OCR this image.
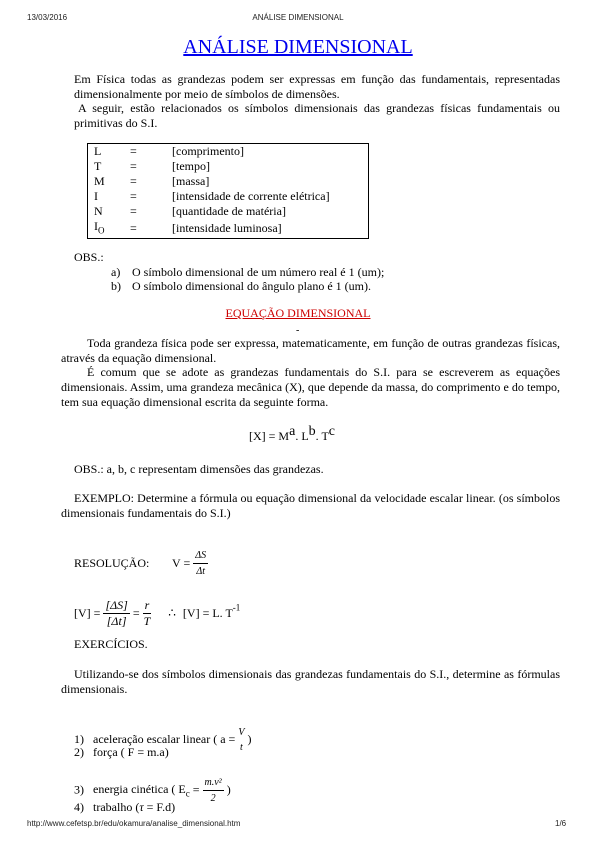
13/03/2016	ANÁLISE DIMENSIONAL
ANÁLISE DIMENSIONAL
Em Física todas as grandezas podem ser expressas em função das fundamentais, representadas dimensionalmente por meio de símbolos de dimensões.
A seguir, estão relacionados os símbolos dimensionais das grandezas físicas fundamentais ou primitivas do S.I.
L	=	[comprimento]
T	=	[tempo]
M	=	[massa]
I	=	[intensidade de corrente elétrica]
N	=	[quantidade de matéria]
$I_O$	=	[intensidade luminosa]
OBS.:
a) O símbolo dimensional de um número real é 1 (um);
b) O símbolo dimensional do ângulo plano é 1 (um).
EQUAÇÃO DIMENSIONAL
-
Toda grandeza física pode ser expressa, matematicamente, em função de outras grandezas físicas, através da equação dimensional.
É comum que se adote as grandezas fundamentais do S.I. para se escreverem as equações dimensionais. Assim, uma grandeza mecânica (X), que depende da massa, do comprimento e do tempo, tem sua equação dimensional escrita da seguinte forma.
$[X] = M^a$. $L^b$. $T^c$
OBS.: a, b, c representam dimensões das grandezas.
EXEMPLO: Determine a fórmula ou equação dimensional da velocidade escalar linear. (os símbolos dimensionais fundamentais do S.I.)
RESOLUÇÃO: $V = \frac{\Delta S}{\Delta t}$
$[V] = \frac{[\Delta S]}{[\Delta t]} = \frac{r}{T}$ ∴ [V] = L. $T^{-1}$
EXERCÍCIOS.
Utilizando-se dos símbolos dimensionais das grandezas fundamentais do S.I., determine as fórmulas dimensionais.
1) aceleração escalar linear ( a = V
t
)
2) força ( F = m.a)
3) energia cinética ( $E_c = \frac{\text{m.v²}}{2}$ )
4) trabalho (τ = F.d)
http://www.cefetsp.br/edu/okamura/analise_dimensional.htm	1/6
